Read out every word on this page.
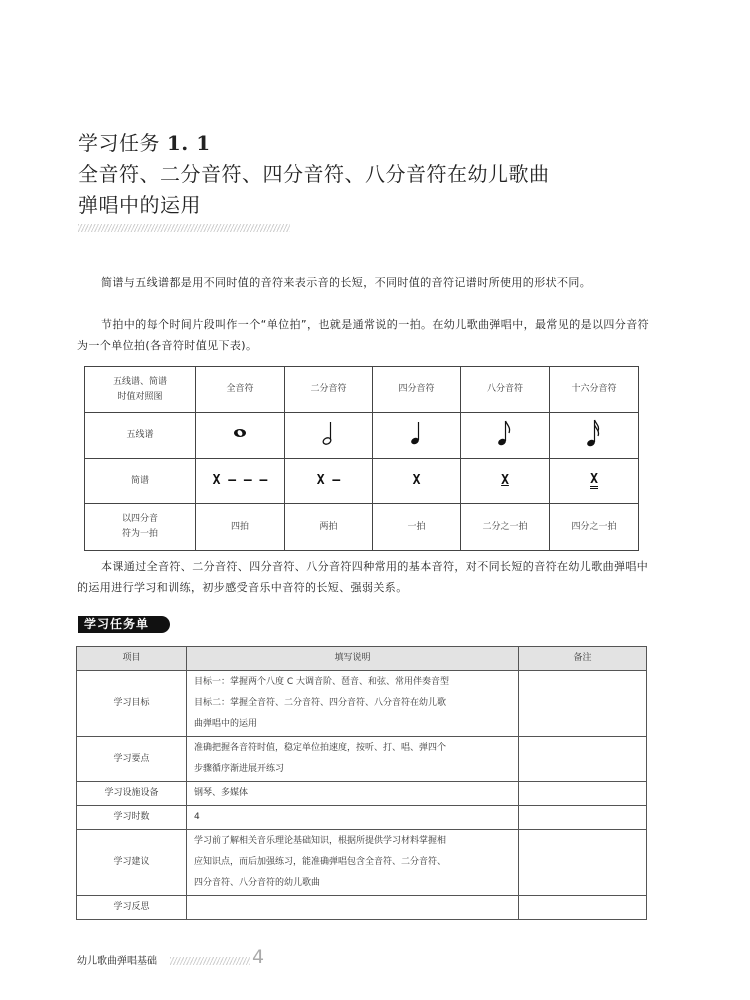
学习任务 1. 1
全音符、二分音符、四分音符、八分音符在幼儿歌曲
弹唱中的运用
简谱与五线谱都是用不同时值的音符来表示音的长短，不同时值的音符记谱时所使用的形状不同。
节拍中的每个时间片段叫作一个“单位拍”，也就是通常说的一拍。在幼儿歌曲弹唱中，最常见的是以四分音符为一个单位拍(各音符时值见下表)。
五线谱、简谱
时值对照图	全音符	二分音符	四分音符	八分音符	十六分音符
五线谱					
简谱	X — — —	X —	X	X	X
以四分音
符为一拍	四拍	两拍	一拍	二分之一拍	四分之一拍
本课通过全音符、二分音符、四分音符、八分音符四种常用的基本音符，对不同长短的音符在幼儿歌曲弹唱中的运用进行学习和训练，初步感受音乐中音符的长短、强弱关系。
学习任务单
项目	填写说明	备注
学习目标	目标一：掌握两个八度 C 大调音阶、琶音、和弦、常用伴奏音型
目标二：掌握全音符、二分音符、四分音符、八分音符在幼儿歌
曲弹唱中的运用	

学习要点	准确把握各音符时值，稳定单位拍速度，按听、打、唱、弹四个
步骤循序渐进展开练习	

学习设施设备	钢琴、多媒体	

学习时数	4	

学习建议	学习前了解相关音乐理论基础知识，根据所提供学习材料掌握相
应知识点，而后加强练习，能准确弹唱包含全音符、二分音符、
四分音符、八分音符的幼儿歌曲	

学习反思		
幼儿歌曲弹唱基础	4
